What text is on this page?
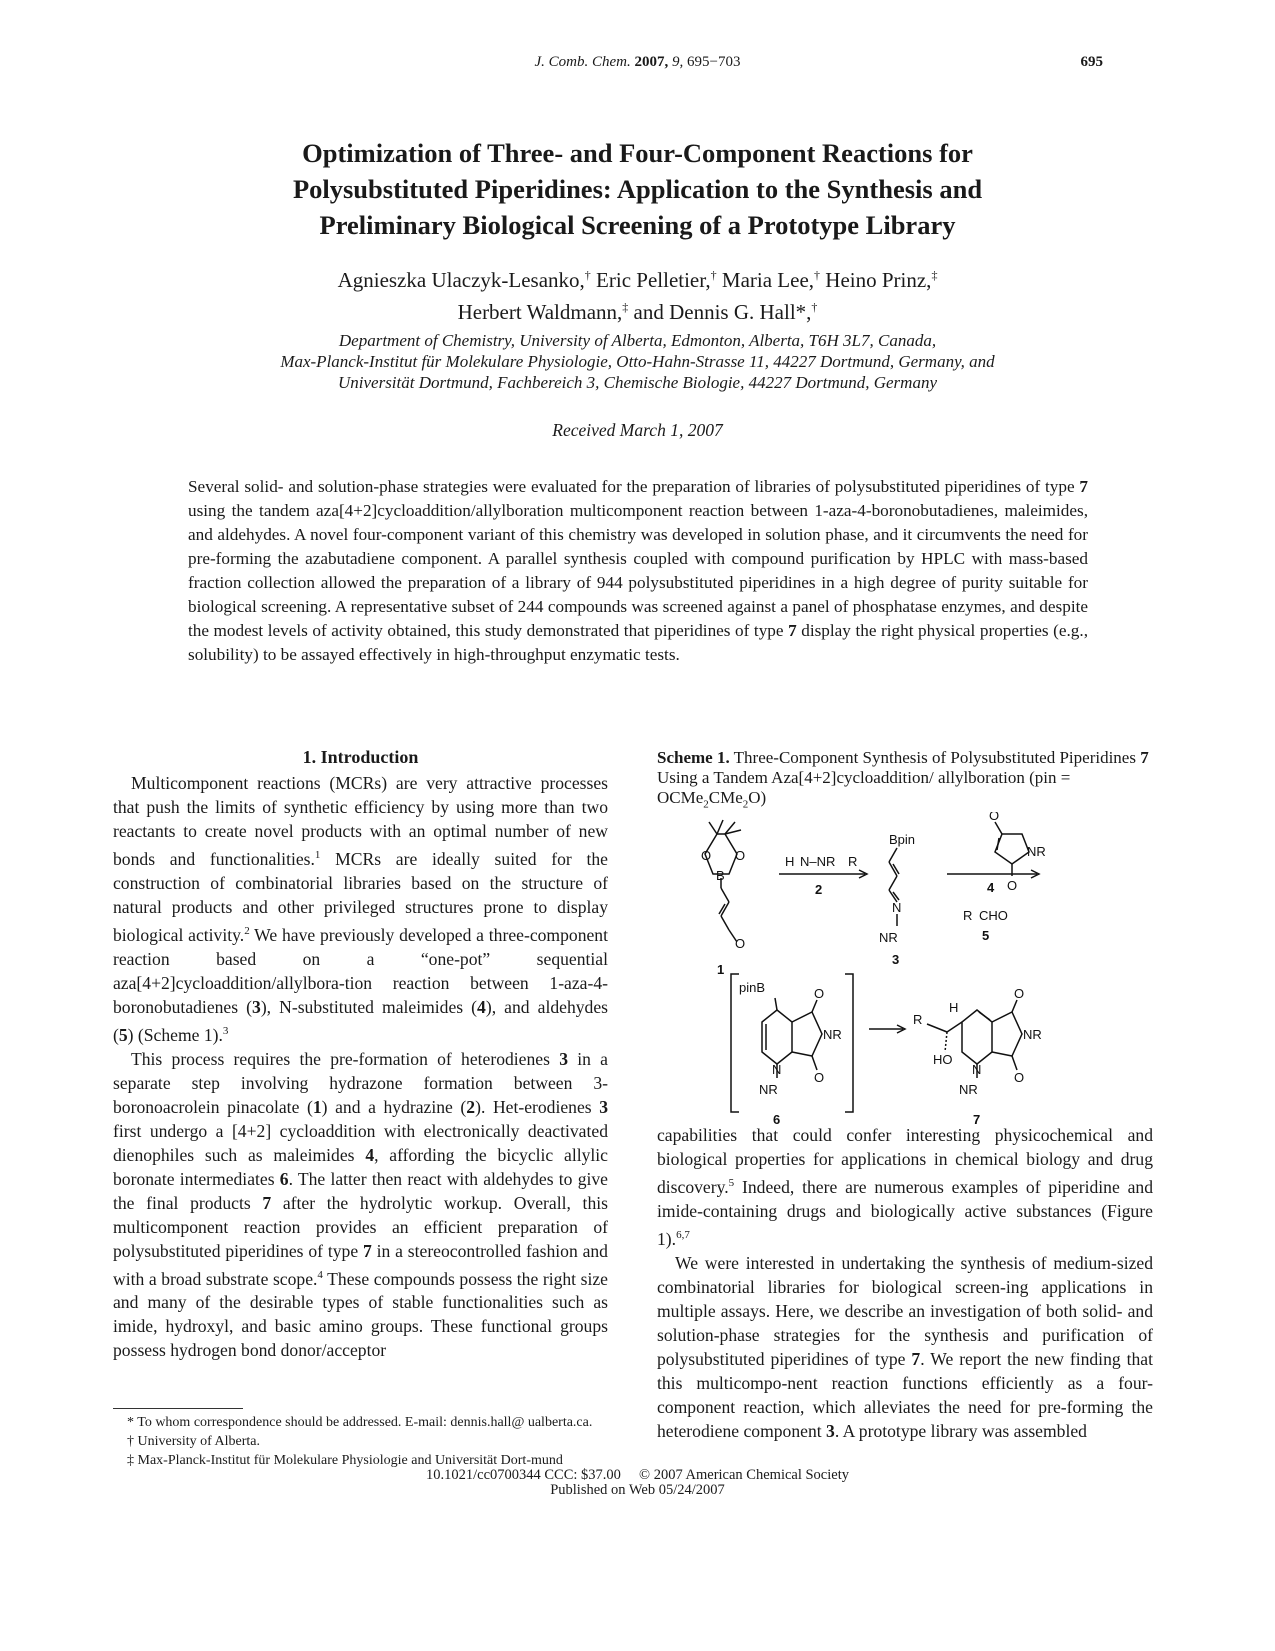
J. Comb. Chem. 2007, 9, 695−703	695
Optimization of Three- and Four-Component Reactions for
Polysubstituted Piperidines: Application to the Synthesis and
Preliminary Biological Screening of a Prototype Library
Agnieszka Ulaczyk-Lesanko,† Eric Pelletier,† Maria Lee,† Heino Prinz,‡
Herbert Waldmann,‡ and Dennis G. Hall*,†
Department of Chemistry, University of Alberta, Edmonton, Alberta, T6H 3L7, Canada,
Max-Planck-Institut für Molekulare Physiologie, Otto-Hahn-Strasse 11, 44227 Dortmund, Germany, and
Universität Dortmund, Fachbereich 3, Chemische Biologie, 44227 Dortmund, Germany
Received March 1, 2007
Several solid- and solution-phase strategies were evaluated for the preparation of libraries of polysubstituted piperidines of type 7 using the tandem aza[4+2]cycloaddition/allylboration multicomponent reaction between 1-aza-4-boronobutadienes, maleimides, and aldehydes. A novel four-component variant of this chemistry was developed in solution phase, and it circumvents the need for pre-forming the azabutadiene component. A parallel synthesis coupled with compound purification by HPLC with mass-based fraction collection allowed the preparation of a library of 944 polysubstituted piperidines in a high degree of purity suitable for biological screening. A representative subset of 244 compounds was screened against a panel of phosphatase enzymes, and despite the modest levels of activity obtained, this study demonstrated that piperidines of type 7 display the right physical properties (e.g., solubility) to be assayed effectively in high-throughput enzymatic tests.
1. Introduction

Multicomponent reactions (MCRs) are very attractive processes that push the limits of synthetic efficiency by using more than two reactants to create novel products with an optimal number of new bonds and functionalities.$^1$ MCRs are ideally suited for the construction of combinatorial libraries based on the structure of natural products and other privileged structures prone to display biological activity.$^2$ We have previously developed a three-component reaction based on a “one-pot” sequential aza[4+2]cycloaddition/allylbora-tion reaction between 1-aza-4-boronobutadienes (3), N-substituted maleimides (4), and aldehydes (5) (Scheme 1).$^3$

This process requires the pre-formation of heterodienes 3 in a separate step involving hydrazone formation between 3-boronoacrolein pinacolate (1) and a hydrazine (2). Het-erodienes 3 first undergo a [4+2] cycloaddition with electronically deactivated dienophiles such as maleimides 4, affording the bicyclic allylic boronate intermediates 6. The latter then react with aldehydes to give the final products 7 after the hydrolytic workup. Overall, this multicomponent reaction provides an efficient preparation of polysubstituted piperidines of type 7 in a stereocontrolled fashion and with a broad substrate scope.$^4$ These compounds possess the right size and many of the desirable types of stable functionalities such as imide, hydroxyl, and basic amino groups. These functional groups possess hydrogen bond donor/acceptor

* To whom correspondence should be addressed. E-mail: dennis.hall@ ualberta.ca.
† University of Alberta.
‡ Max-Planck-Institut für Molekulare Physiologie and Universität Dort-mund
Scheme 1. Three-Component Synthesis of Polysubstituted Piperidines 7 Using a Tandem Aza[4+2]cycloaddition/ allylboration (pin = OCMe$_2$CMe$_2$O)
O O
B
O
1
H N–NR R
2
Bpin
N
NR
3
NR
O
O
4
R CHO
5
pinB	O
NR
O
N
NR
6
H
R
HO
O
NR
O
N
NR
7

capabilities that could confer interesting physicochemical and biological properties for applications in chemical biology and drug discovery.$^5$ Indeed, there are numerous examples of piperidine and imide-containing drugs and biologically active substances (Figure 1).$^{6,7}$

We were interested in undertaking the synthesis of medium-sized combinatorial libraries for biological screen-ing applications in multiple assays. Here, we describe an investigation of both solid- and solution-phase strategies for the synthesis and purification of polysubstituted piperidines of type 7. We report the new finding that this multicompo-nent reaction functions efficiently as a four-component reaction, which alleviates the need for pre-forming the heterodiene component 3. A prototype library was assembled

10.1021/cc0700344 CCC: $37.00     © 2007 American Chemical Society
Published on Web 05/24/2007
